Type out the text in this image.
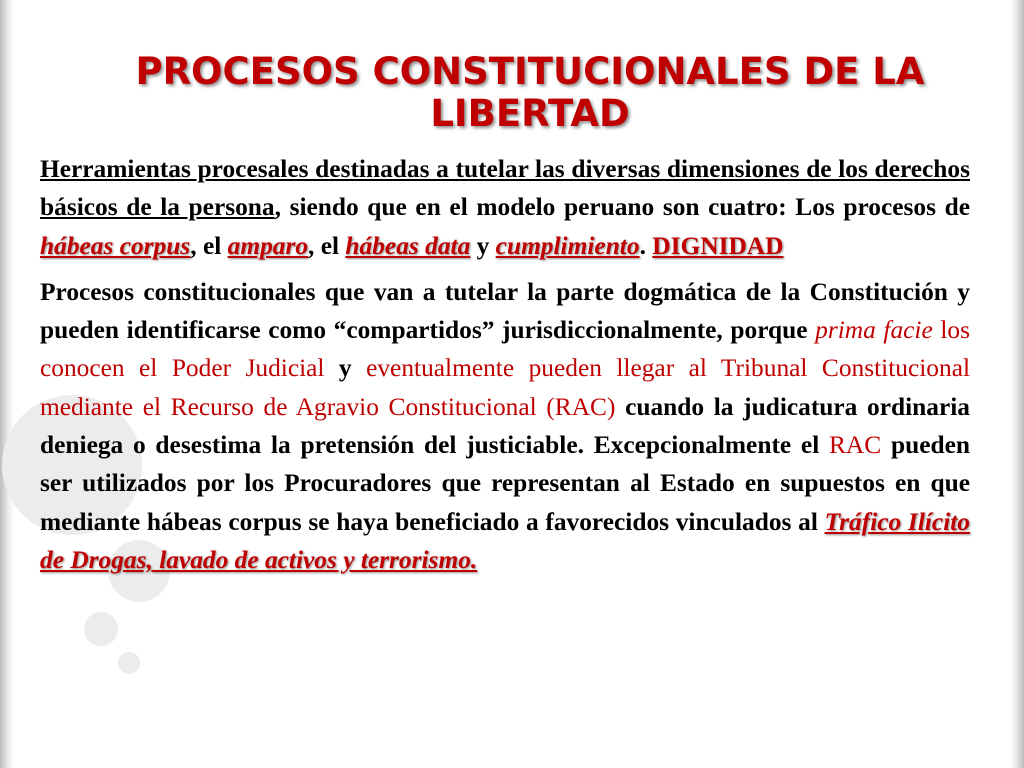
PROCESOS CONSTITUCIONALES DE LA LIBERTAD

Herramientas procesales destinadas a tutelar las diversas dimensiones de los derechos básicos de la persona, siendo que en el modelo peruano son cuatro: Los procesos de hábeas corpus, el amparo, el hábeas data y cumplimiento. DIGNIDAD

Procesos constitucionales que van a tutelar la parte dogmática de la Constitución y pueden identificarse como “compartidos” jurisdiccionalmente, porque prima facie los conocen el Poder Judicial y eventualmente pueden llegar al Tribunal Constitucional mediante el Recurso de Agravio Constitucional (RAC) cuando la judicatura ordinaria deniega o desestima la pretensión del justiciable. Excepcionalmente el RAC pueden ser utilizados por los Procuradores que representan al Estado en supuestos en que mediante hábeas corpus se haya beneficiado a favorecidos vinculados al Tráfico Ilícito de Drogas, lavado de activos y terrorismo.
